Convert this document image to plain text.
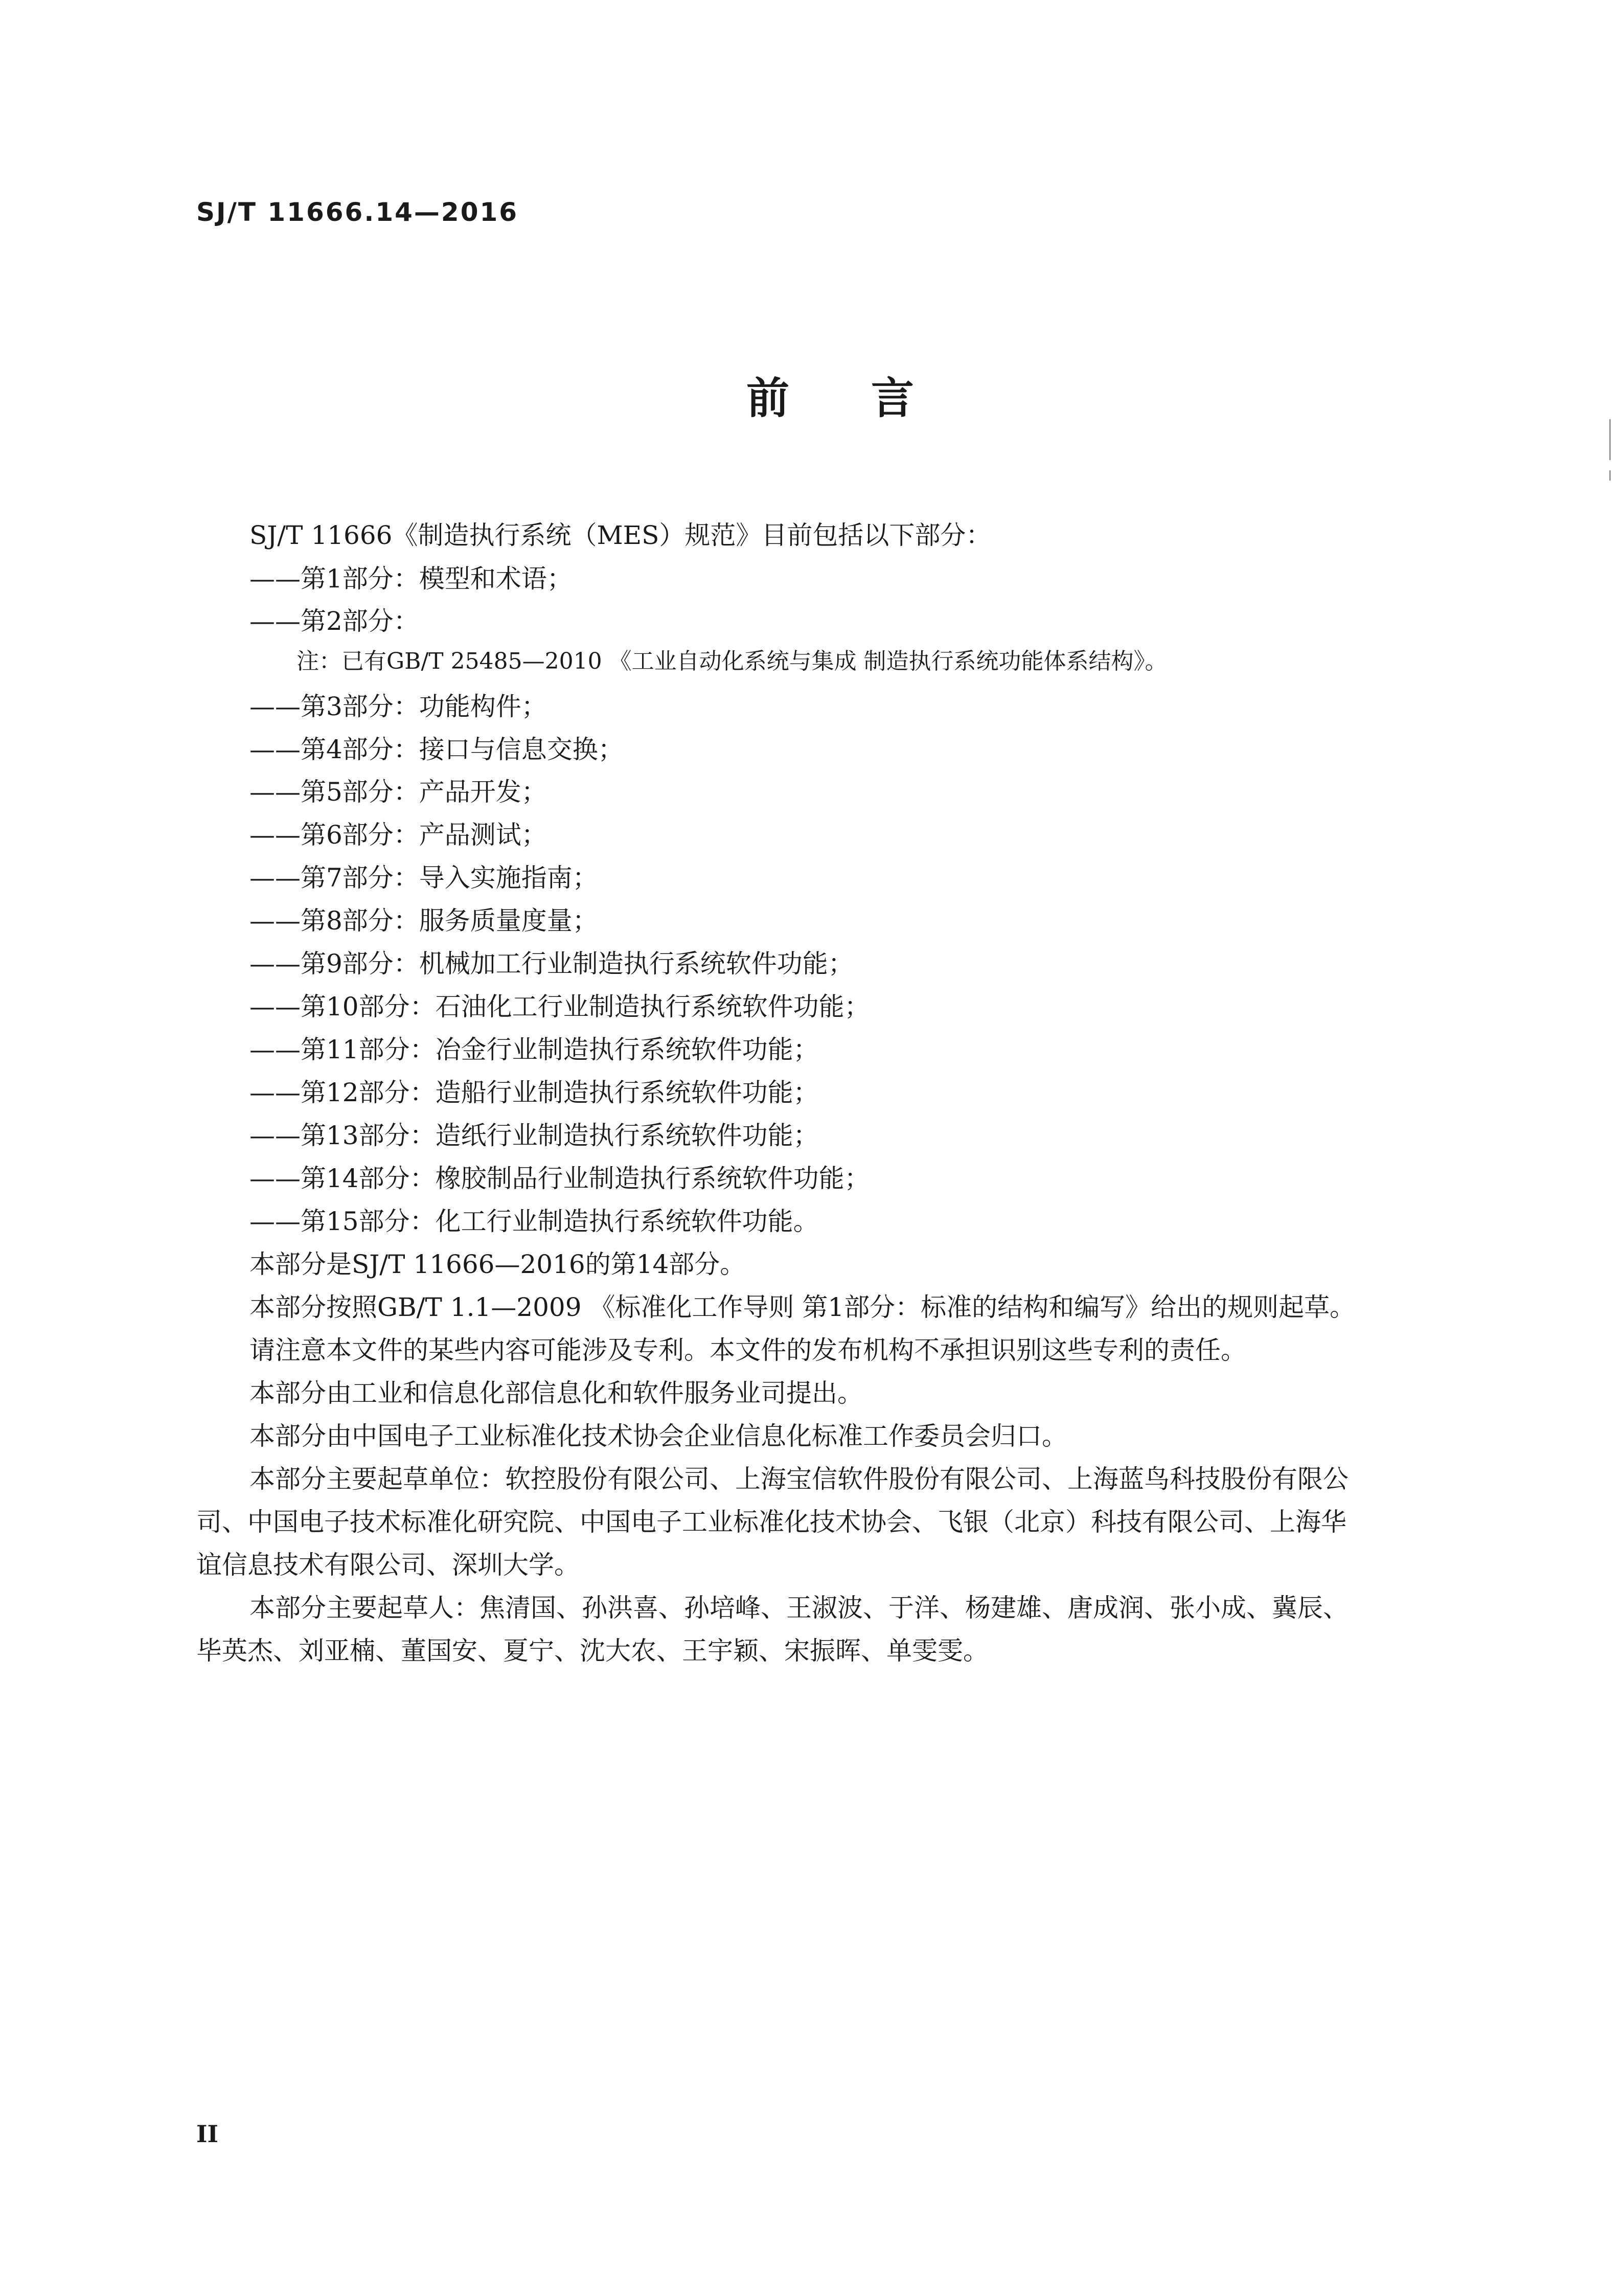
SJ/T 11666.14—2016
前言
SJ/T 11666《制造执行系统（MES）规范》目前包括以下部分：
——第1部分：模型和术语；
——第2部分：
注：已有GB/T 25485—2010 《工业自动化系统与集成 制造执行系统功能体系结构》。
——第3部分：功能构件；
——第4部分：接口与信息交换；
——第5部分：产品开发；
——第6部分：产品测试；
——第7部分：导入实施指南；
——第8部分：服务质量度量；
——第9部分：机械加工行业制造执行系统软件功能；
——第10部分：石油化工行业制造执行系统软件功能；
——第11部分：冶金行业制造执行系统软件功能；
——第12部分：造船行业制造执行系统软件功能；
——第13部分：造纸行业制造执行系统软件功能；
——第14部分：橡胶制品行业制造执行系统软件功能；
——第15部分：化工行业制造执行系统软件功能。
本部分是SJ/T 11666—2016的第14部分。
本部分按照GB/T 1.1—2009 《标准化工作导则 第1部分：标准的结构和编写》给出的规则起草。
请注意本文件的某些内容可能涉及专利。本文件的发布机构不承担识别这些专利的责任。
本部分由工业和信息化部信息化和软件服务业司提出。
本部分由中国电子工业标准化技术协会企业信息化标准工作委员会归口。
本部分主要起草单位：软控股份有限公司、上海宝信软件股份有限公司、上海蓝鸟科技股份有限公
司、中国电子技术标准化研究院、中国电子工业标准化技术协会、飞银（北京）科技有限公司、上海华
谊信息技术有限公司、深圳大学。
本部分主要起草人：焦清国、孙洪喜、孙培峰、王淑波、于洋、杨建雄、唐成润、张小成、冀辰、
毕英杰、刘亚楠、董国安、夏宁、沈大农、王宇颖、宋振晖、单雯雯。
II
